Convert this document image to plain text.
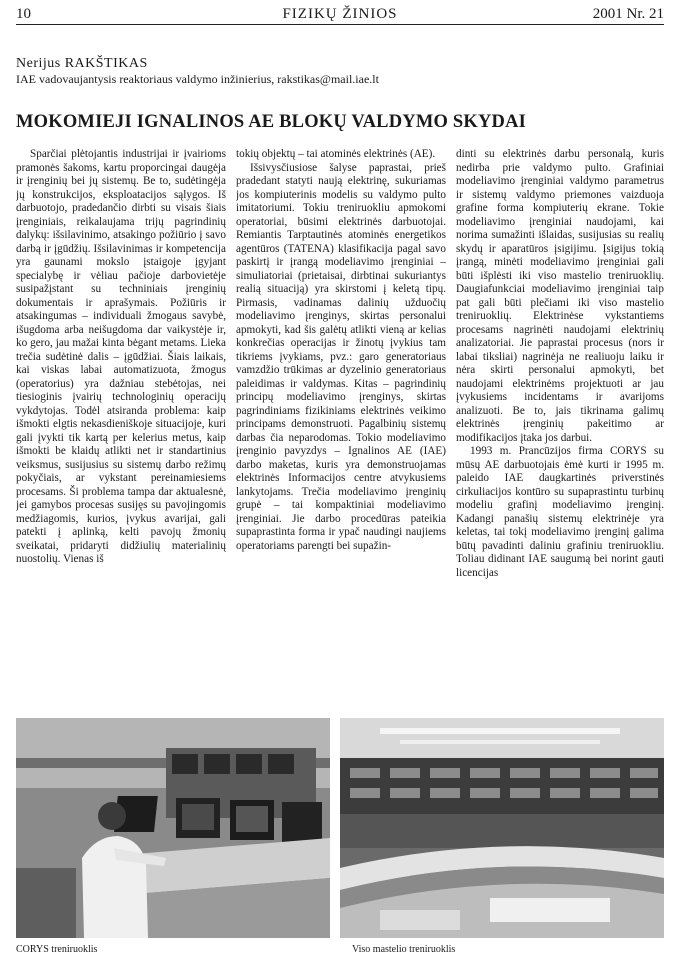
10	FIZIKŲ ŽINIOS	2001 Nr. 21
Nerijus RAKŠTIKAS
IAE vadovaujantysis reaktoriaus valdymo inžinierius, rakstikas@mail.iae.lt
MOKOMIEJI IGNALINOS AE BLOKŲ VALDYMO SKYDAI

Sparčiai plėtojantis industrijai ir įvairioms pramonės šakoms, kartu proporcingai daugėja ir įrenginių bei jų sistemų. Be to, sudėtingėja jų konstrukcijos, eksploatacijos sąlygos. Iš darbuotojo, pradedančio dirbti su visais šiais įrenginiais, reikalaujama trijų pagrindinių dalykų: išsilavinimo, atsakingo požiūrio į savo darbą ir įgūdžių. Išsilavinimas ir kompetencija yra gaunami mokslo įstaigoje įgyjant specialybę ir vėliau pačioje darbovietėje susipažįstant su techniniais įrenginių dokumentais ir aprašymais. Požiūris ir atsakingumas – individuali žmogaus savybė, išugdoma arba neišugdoma dar vaikystėje ir, ko gero, jau mažai kinta bėgant metams. Lieka trečia sudėtinė dalis – įgūdžiai. Šiais laikais, kai viskas labai automatizuota, žmogus (operatorius) yra dažniau stebėtojas, nei tiesioginis įvairių technologinių operacijų vykdytojas. Todėl atsiranda problema: kaip išmokti elgtis nekasdieniškoje situacijoje, kuri gali įvykti tik kartą per kelerius metus, kaip išmokti be klaidų atlikti net ir standartinius veiksmus, susijusius su sistemų darbo režimų pokyčiais, ar vykstant pereinamiesiems procesams. Ši problema tampa dar aktualesnė, jei gamybos procesas susijęs su pavojingomis medžiagomis, kurios, įvykus avarijai, gali patekti į aplinką, kelti pavojų žmonių sveikatai, pridaryti didžiulių materialinių nuostolių. Vienas iš

tokių objektų – tai atominės elektrinės (AE).

Išsivysčiusiose šalyse paprastai, prieš pradedant statyti naują elektrinę, sukuriamas jos kompiuterinis modelis su valdymo pulto imitatoriumi. Tokiu treniruokliu apmokomi operatoriai, būsimi elektrinės darbuotojai. Remiantis Tarptautinės atominės energetikos agentūros (TATENA) klasifikacija pagal savo paskirtį ir įrangą modeliavimo įrenginiai – simuliatoriai (prietaisai, dirbtinai sukuriantys realią situaciją) yra skirstomi į keletą tipų. Pirmasis, vadinamas dalinių užduočių modeliavimo įrenginys, skirtas personalui apmokyti, kad šis galėtų atlikti vieną ar kelias konkrečias operacijas ir žinotų įvykius tam tikriems įvykiams, pvz.: garo generatoriaus vamzdžio trūkimas ar dyzelinio generatoriaus paleidimas ir valdymas. Kitas – pagrindinių principų modeliavimo įrenginys, skirtas pagrindiniams fizikiniams elektrinės veikimo principams demonstruoti. Pagalbinių sistemų darbas čia neparodomas. Tokio modeliavimo įrenginio pavyzdys – Ignalinos AE (IAE) darbo maketas, kuris yra demonstruojamas elektrinės Informacijos centre atvykusiems lankytojams. Trečia modeliavimo įrenginių grupė – tai kompaktiniai modeliavimo įrenginiai. Jie darbo procedūras pateikia supaprastinta forma ir ypač naudingi naujiems operatoriams parengti bei supažin-

dinti su elektrinės darbu personalą, kuris nedirba prie valdymo pulto. Grafiniai modeliavimo įrenginiai valdymo parametrus ir sistemų valdymo priemones vaizduoja grafine forma kompiuterių ekrane. Tokie modeliavimo įrenginiai naudojami, kai norima sumažinti išlaidas, susijusias su realių skydų ir aparatūros įsigijimu. Įsigijus tokią įrangą, minėti modeliavimo įrenginiai gali būti išplėsti iki viso mastelio treniruoklių. Daugiafunkciai modeliavimo įrenginiai taip pat gali būti plečiami iki viso mastelio treniruoklių. Elektrinėse vykstantiems procesams nagrinėti naudojami elektrinių analizatoriai. Jie paprastai procesus (nors ir labai tiksliai) nagrinėja ne realiuoju laiku ir nėra skirti personalui apmokyti, bet naudojami elektrinėms projektuoti ar jau įvykusiems incidentams ir avarijoms analizuoti. Be to, jais tikrinama galimų elektrinės įrenginių pakeitimo ar modifikacijos įtaka jos darbui.

1993 m. Prancūzijos firma CORYS su mūsų AE darbuotojais ėmė kurti ir 1995 m. paleido IAE daugkartinės priverstinės cirkuliacijos kontūro su supaprastintu turbinų modeliu grafinį modeliavimo įrenginį. Kadangi panašių sistemų elektrinėje yra keletas, tai tokį modeliavimo įrenginį galima būtų pavadinti daliniu grafiniu treniruokliu. Toliau didinant IAE saugumą bei norint gauti licencijas

CORYS treniruoklis	Viso mastelio treniruoklis
